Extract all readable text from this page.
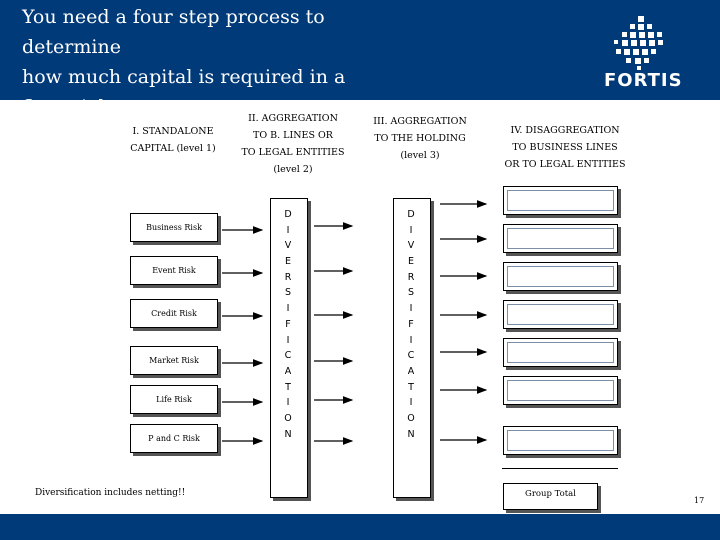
You need a four step process to determine
how much capital is required in a financial
conglomerate
FORTIS
I. STANDALONE
CAPITAL (level 1)
II. AGGREGATION
TO B. LINES OR
TO LEGAL ENTITIES
(level 2)
III. AGGREGATION
TO THE HOLDING
(level 3)
IV. DISAGGREGATION
TO BUSINESS LINES
OR TO LEGAL ENTITIES
Business Risk
Event Risk
Credit Risk
Market Risk
Life Risk
P and C Risk
D
I
V
E
R
S
I
F
I
C
A
T
I
O
N
D
I
V
E
R
S
I
F
I
C
A
T
I
O
N
Group Total
Diversification includes netting!!
17
